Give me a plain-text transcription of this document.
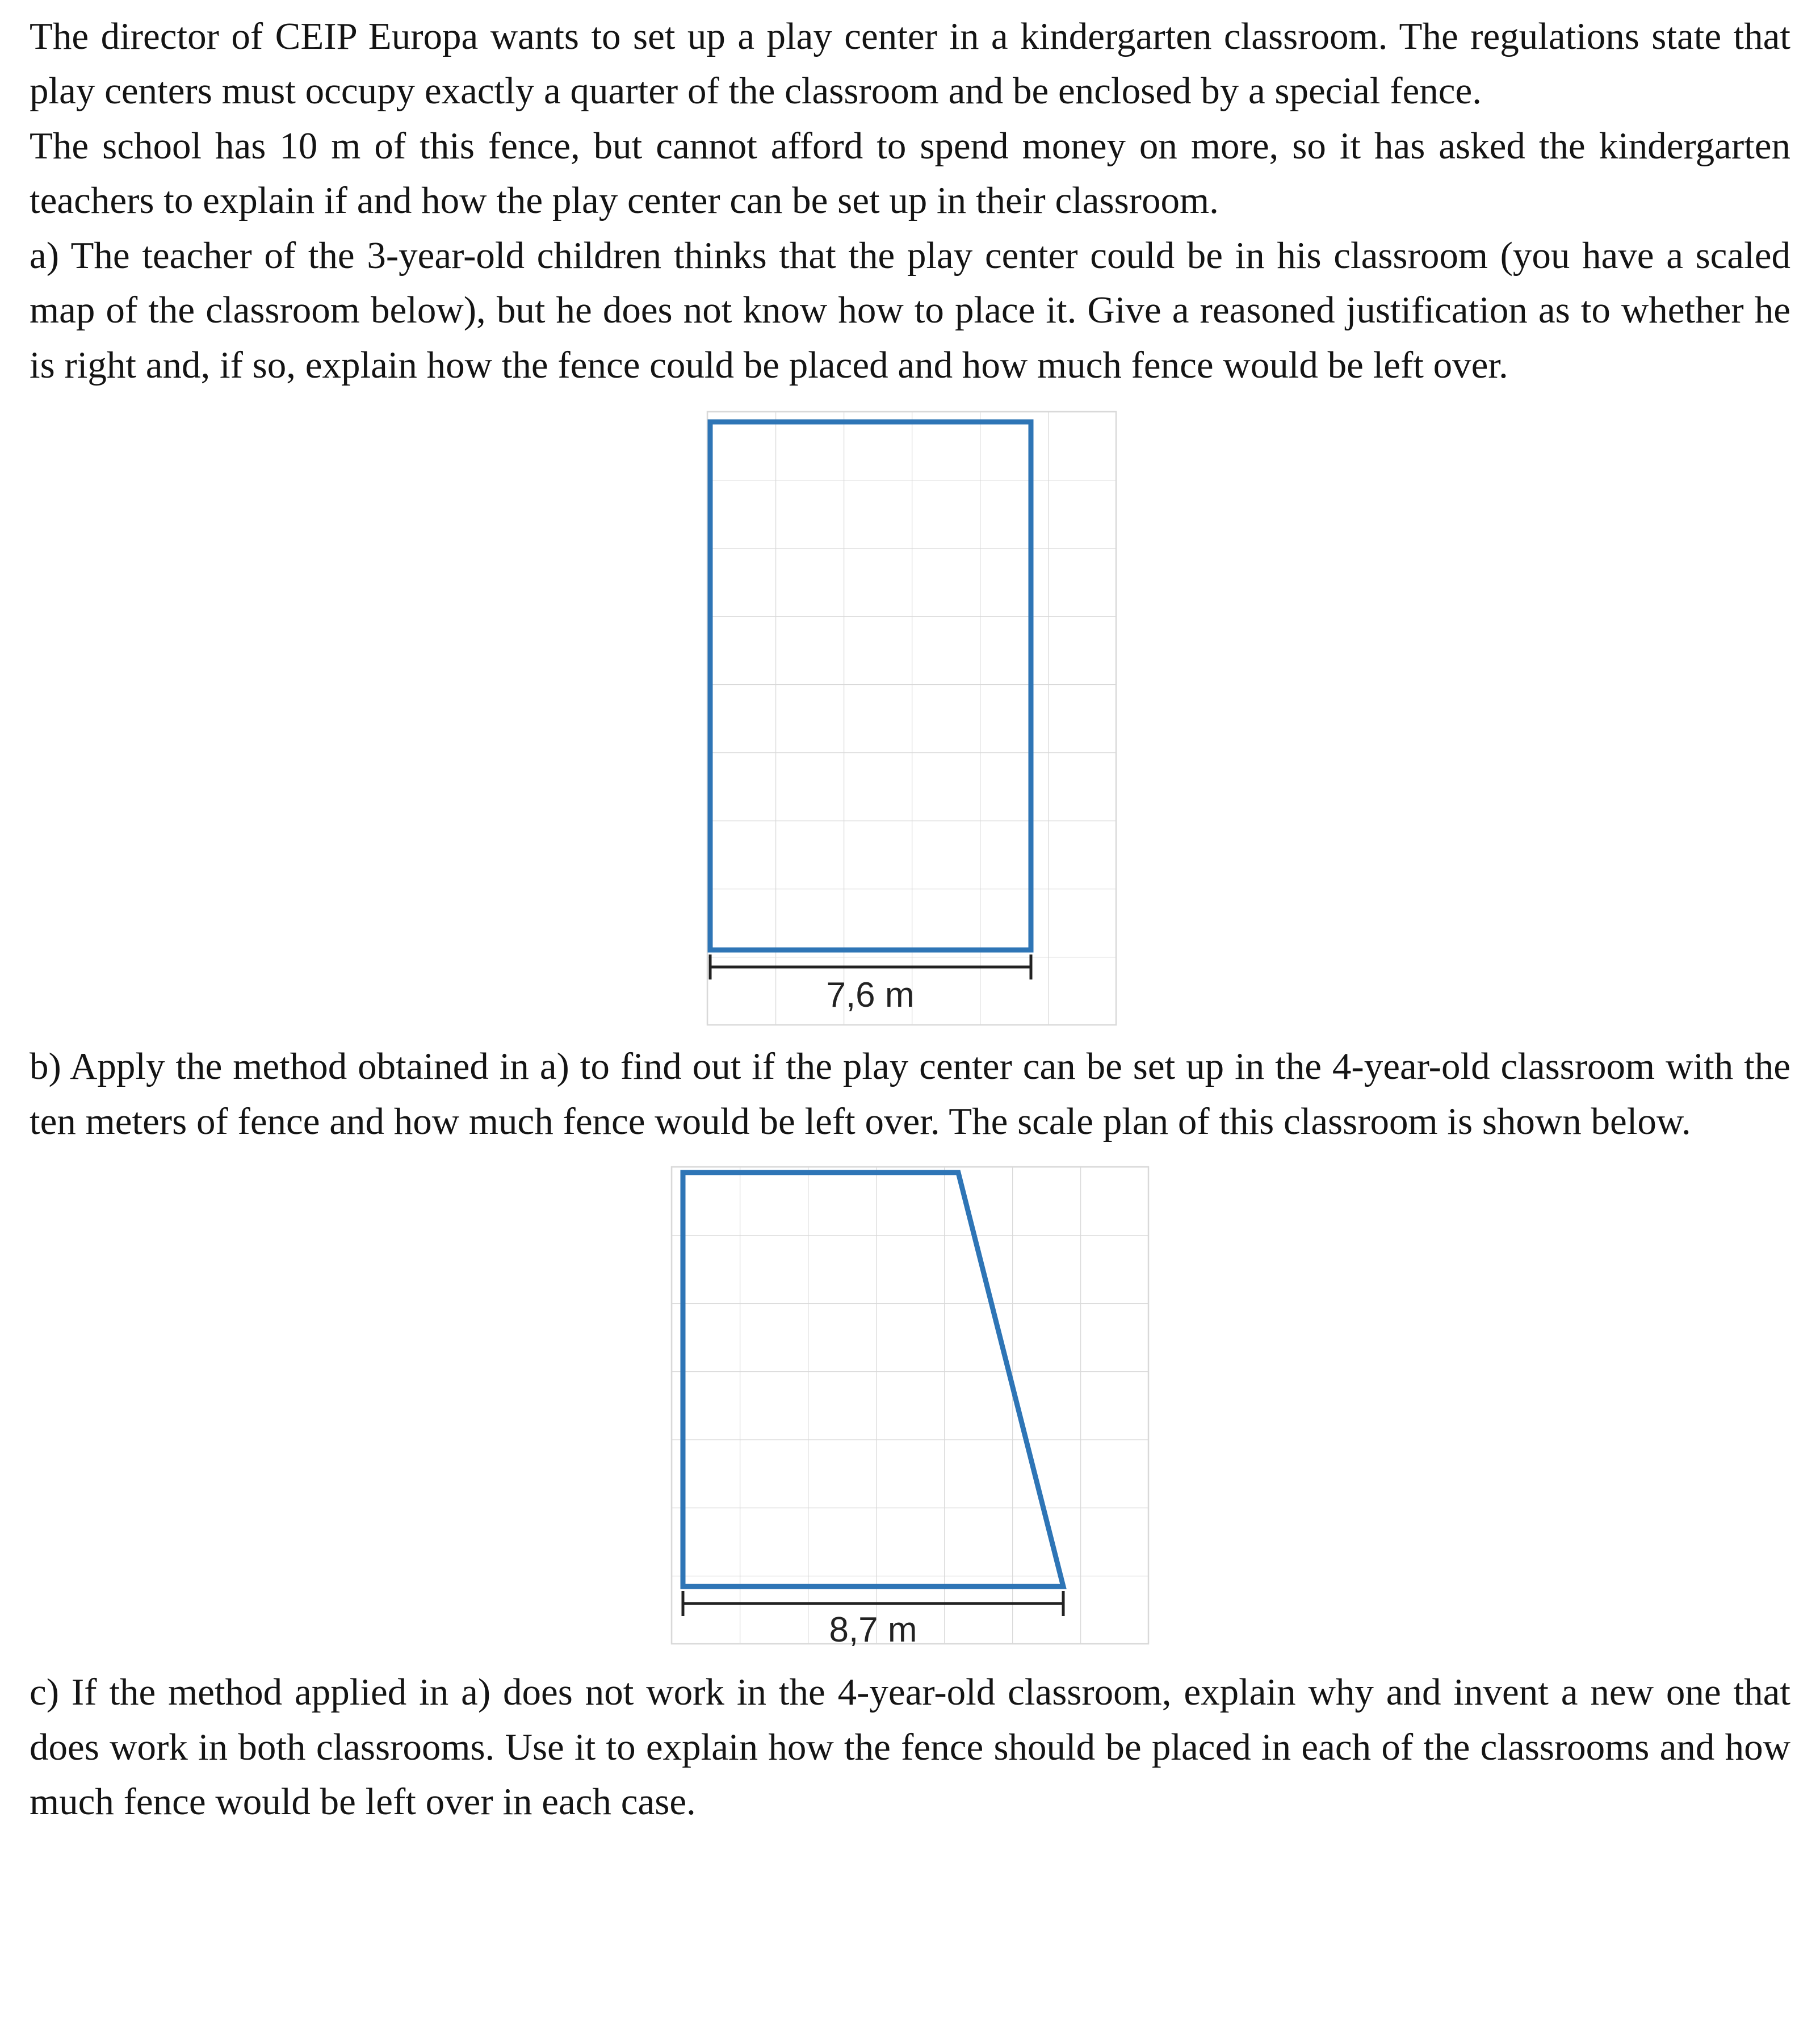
The director of CEIP Europa wants to set up a play center in a kindergarten classroom. The regulations state that play centers must occupy exactly a quarter of the classroom and be enclosed by a special fence.

The school has 10 m of this fence, but cannot afford to spend money on more, so it has asked the kindergarten teachers to explain if and how the play center can be set up in their classroom.

a) The teacher of the 3-year-old children thinks that the play center could be in his classroom (you have a scaled map of the classroom below), but he does not know how to place it. Give a reasoned justification as to whether he is right and, if so, explain how the fence could be placed and how much fence would be left over.

7,6 m

b) Apply the method obtained in a) to find out if the play center can be set up in the 4-year-old classroom with the ten meters of fence and how much fence would be left over. The scale plan of this classroom is shown below.

8,7 m

c) If the method applied in a) does not work in the 4-year-old classroom, explain why and invent a new one that does work in both classrooms. Use it to explain how the fence should be placed in each of the classrooms and how much fence would be left over in each case.
